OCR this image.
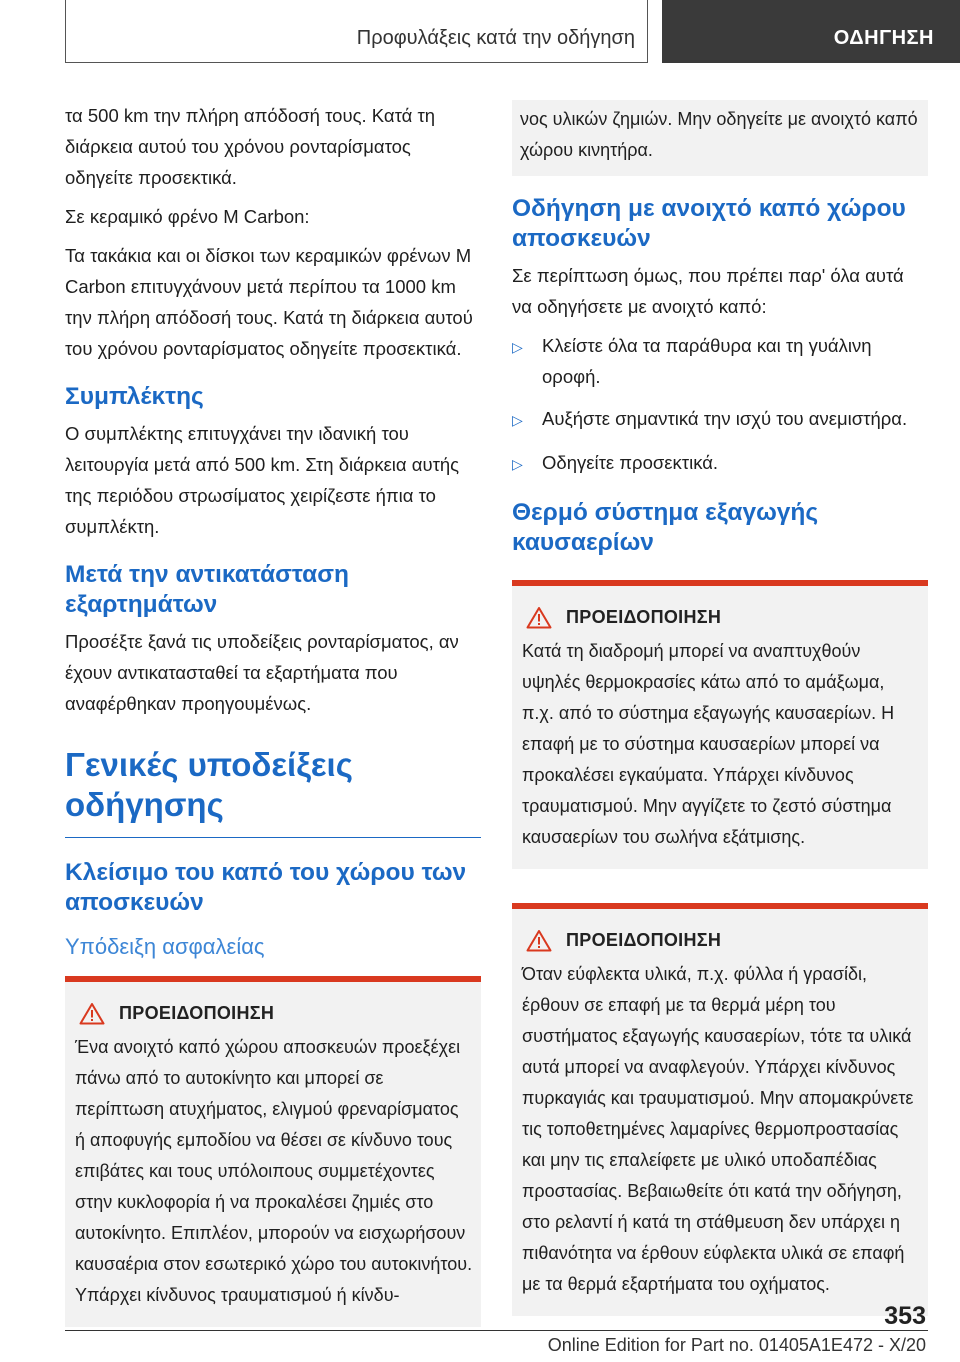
Προφυλάξεις κατά την οδήγηση	ΟΔΗΓΗΣΗ

τα 500 km την πλήρη απόδοσή τους. Κατά τη διάρκεια αυτού του χρόνου ρονταρίσματος οδηγείτε προσεκτικά.

Σε κεραμικό φρένο M Carbon:

Τα τακάκια και οι δίσκοι των κεραμικών φρένων M Carbon επιτυγχάνουν μετά περίπου τα 1000 km την πλήρη απόδοσή τους. Κατά τη διάρκεια αυτού του χρόνου ρονταρίσματος οδηγείτε προσεκτικά.

Συμπλέκτης

Ο συμπλέκτης επιτυγχάνει την ιδανική του λειτουργία μετά από 500 km. Στη διάρκεια αυτής της περιόδου στρωσίματος χειρίζεστε ήπια το συμπλέκτη.

Μετά την αντικατάσταση εξαρτημάτων

Προσέξτε ξανά τις υποδείξεις ρονταρίσματος, αν έχουν αντικατασταθεί τα εξαρτήματα που αναφέρθηκαν προηγουμένως.

Γενικές υποδείξεις οδήγησης
Κλείσιμο του καπό του χώρου των αποσκευών
Υπόδειξη ασφαλείας
ΠΡΟΕΙΔΟΠΟΙΗΣΗ

Ένα ανοιχτό καπό χώρου αποσκευών προεξέχει πάνω από το αυτοκίνητο και μπορεί σε περίπτωση ατυχήματος, ελιγμού φρεναρίσματος ή αποφυγής εμποδίου να θέσει σε κίνδυνο τους επιβάτες και τους υπόλοιπους συμμετέχοντες στην κυκλοφορία ή να προκαλέσει ζημιές στο αυτοκίνητο. Επιπλέον, μπορούν να εισχωρήσουν καυσαέρια στον εσωτερικό χώρο του αυτοκινήτου. Υπάρχει κίνδυνος τραυματισμού ή κίνδυ-

νος υλικών ζημιών. Μην οδηγείτε με ανοιχτό καπό χώρου κινητήρα.

Οδήγηση με ανοιχτό καπό χώρου αποσκευών

Σε περίπτωση όμως, που πρέπει παρ' όλα αυτά να οδηγήσετε με ανοιχτό καπό:

▷	Κλείστε όλα τα παράθυρα και τη γυάλινη οροφή.
▷	Αυξήστε σημαντικά την ισχύ του ανεμιστήρα.
▷	Οδηγείτε προσεκτικά.
Θερμό σύστημα εξαγωγής καυσαερίων
ΠΡΟΕΙΔΟΠΟΙΗΣΗ

Κατά τη διαδρομή μπορεί να αναπτυχθούν υψηλές θερμοκρασίες κάτω από το αμάξωμα, π.χ. από το σύστημα εξαγωγής καυσαερίων. Η επαφή με το σύστημα καυσαερίων μπορεί να προκαλέσει εγκαύματα. Υπάρχει κίνδυνος τραυματισμού. Μην αγγίζετε το ζεστό σύστημα καυσαερίων του σωλήνα εξάτμισης.

ΠΡΟΕΙΔΟΠΟΙΗΣΗ

Όταν εύφλεκτα υλικά, π.χ. φύλλα ή γρασίδι, έρθουν σε επαφή με τα θερμά μέρη του συστήματος εξαγωγής καυσαερίων, τότε τα υλικά αυτά μπορεί να αναφλεγούν. Υπάρχει κίνδυνος πυρκαγιάς και τραυματισμού. Μην απομακρύνετε τις τοποθετημένες λαμαρίνες θερμοπροστασίας και μην τις επαλείφετε με υλικό υποδαπέδιας προστασίας. Βεβαιωθείτε ότι κατά την οδήγηση, στο ρελαντί ή κατά τη στάθμευση δεν υπάρχει η πιθανότητα να έρθουν εύφλεκτα υλικά σε επαφή με τα θερμά εξαρτήματα του οχήματος.

353
Online Edition for Part no. 01405A1E472 - X/20
